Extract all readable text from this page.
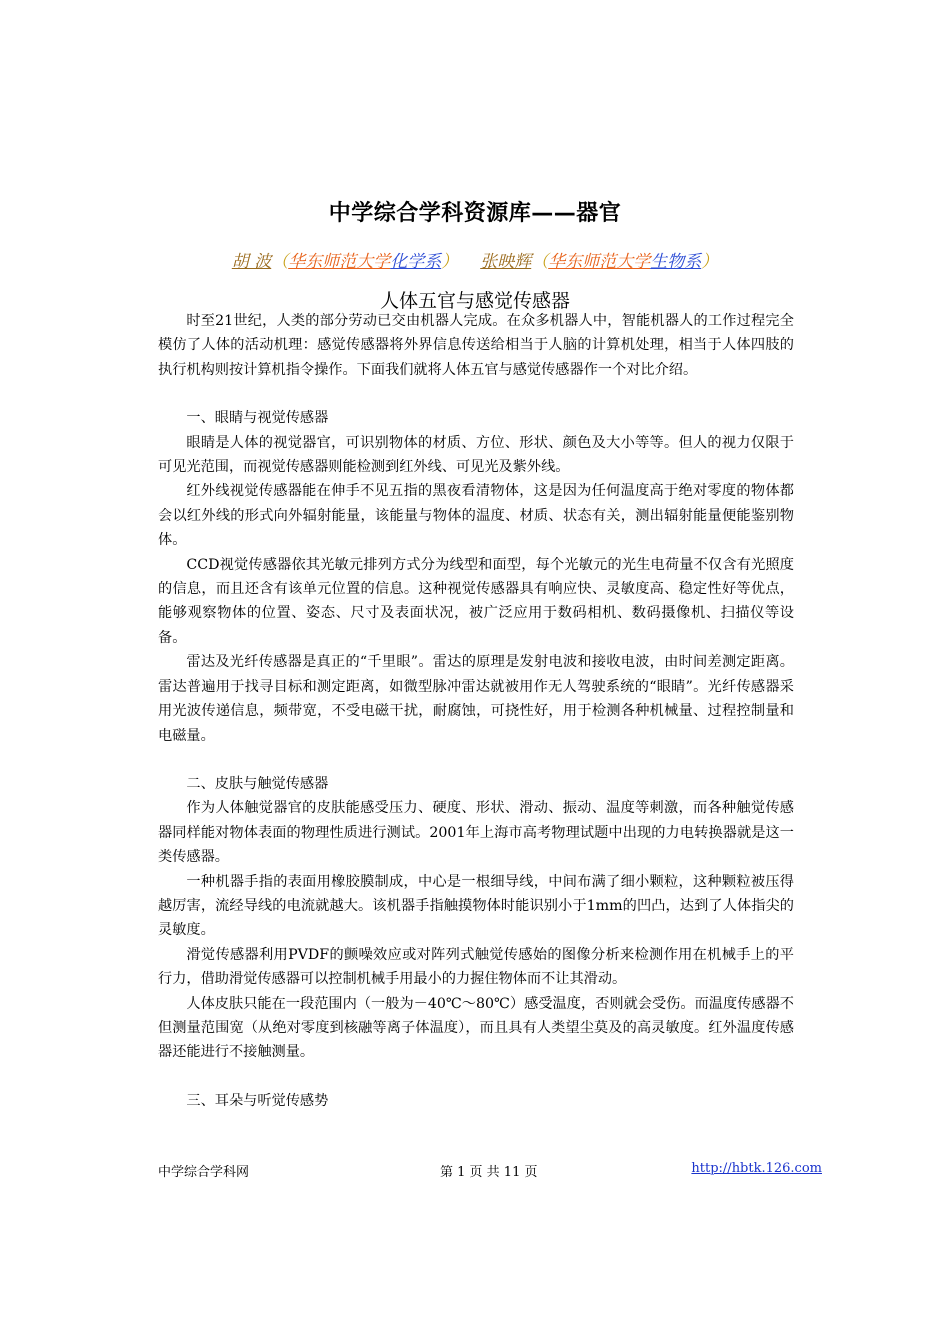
中学综合学科资源库——器官
胡 波（华东师范大学化学系） 张映辉（华东师范大学生物系）
人体五官与感觉传感器

时至21世纪，人类的部分劳动已交由机器人完成。在众多机器人中，智能机器人的工作过程完全模仿了人体的活动机理：感觉传感器将外界信息传送给相当于人脑的计算机处理，相当于人体四肢的执行机构则按计算机指令操作。下面我们就将人体五官与感觉传感器作一个对比介绍。

一、眼睛与视觉传感器

眼睛是人体的视觉器官，可识别物体的材质、方位、形状、颜色及大小等等。但人的视力仅限于可见光范围，而视觉传感器则能检测到红外线、可见光及紫外线。

红外线视觉传感器能在伸手不见五指的黑夜看清物体，这是因为任何温度高于绝对零度的物体都会以红外线的形式向外辐射能量，该能量与物体的温度、材质、状态有关，测出辐射能量便能鉴别物体。

CCD视觉传感器依其光敏元排列方式分为线型和面型，每个光敏元的光生电荷量不仅含有光照度的信息，而且还含有该单元位置的信息。这种视觉传感器具有响应快、灵敏度高、稳定性好等优点，能够观察物体的位置、姿态、尺寸及表面状况，被广泛应用于数码相机、数码摄像机、扫描仪等设备。

雷达及光纤传感器是真正的“千里眼”。雷达的原理是发射电波和接收电波，由时间差测定距离。雷达普遍用于找寻目标和测定距离，如微型脉冲雷达就被用作无人驾驶系统的“眼睛”。光纤传感器采用光波传递信息，频带宽，不受电磁干扰，耐腐蚀，可挠性好，用于检测各种机械量、过程控制量和电磁量。

二、皮肤与触觉传感器

作为人体触觉器官的皮肤能感受压力、硬度、形状、滑动、振动、温度等刺激，而各种触觉传感器同样能对物体表面的物理性质进行测试。2001年上海市高考物理试题中出现的力电转换器就是这一类传感器。

一种机器手指的表面用橡胶膜制成，中心是一根细导线，中间布满了细小颗粒，这种颗粒被压得越厉害，流经导线的电流就越大。该机器手指触摸物体时能识别小于1mm的凹凸，达到了人体指尖的灵敏度。

滑觉传感器利用PVDF的颤噪效应或对阵列式触觉传感始的图像分析来检测作用在机械手上的平行力，借助滑觉传感器可以控制机械手用最小的力握住物体而不让其滑动。

人体皮肤只能在一段范围内（一般为－40℃～80℃）感受温度，否则就会受伤。而温度传感器不但测量范围宽（从绝对零度到核融等离子体温度），而且具有人类望尘莫及的高灵敏度。红外温度传感器还能进行不接触测量。

三、耳朵与听觉传感势

中学综合学科网	第 1 页 共 11 页	http://hbtk.126.com
